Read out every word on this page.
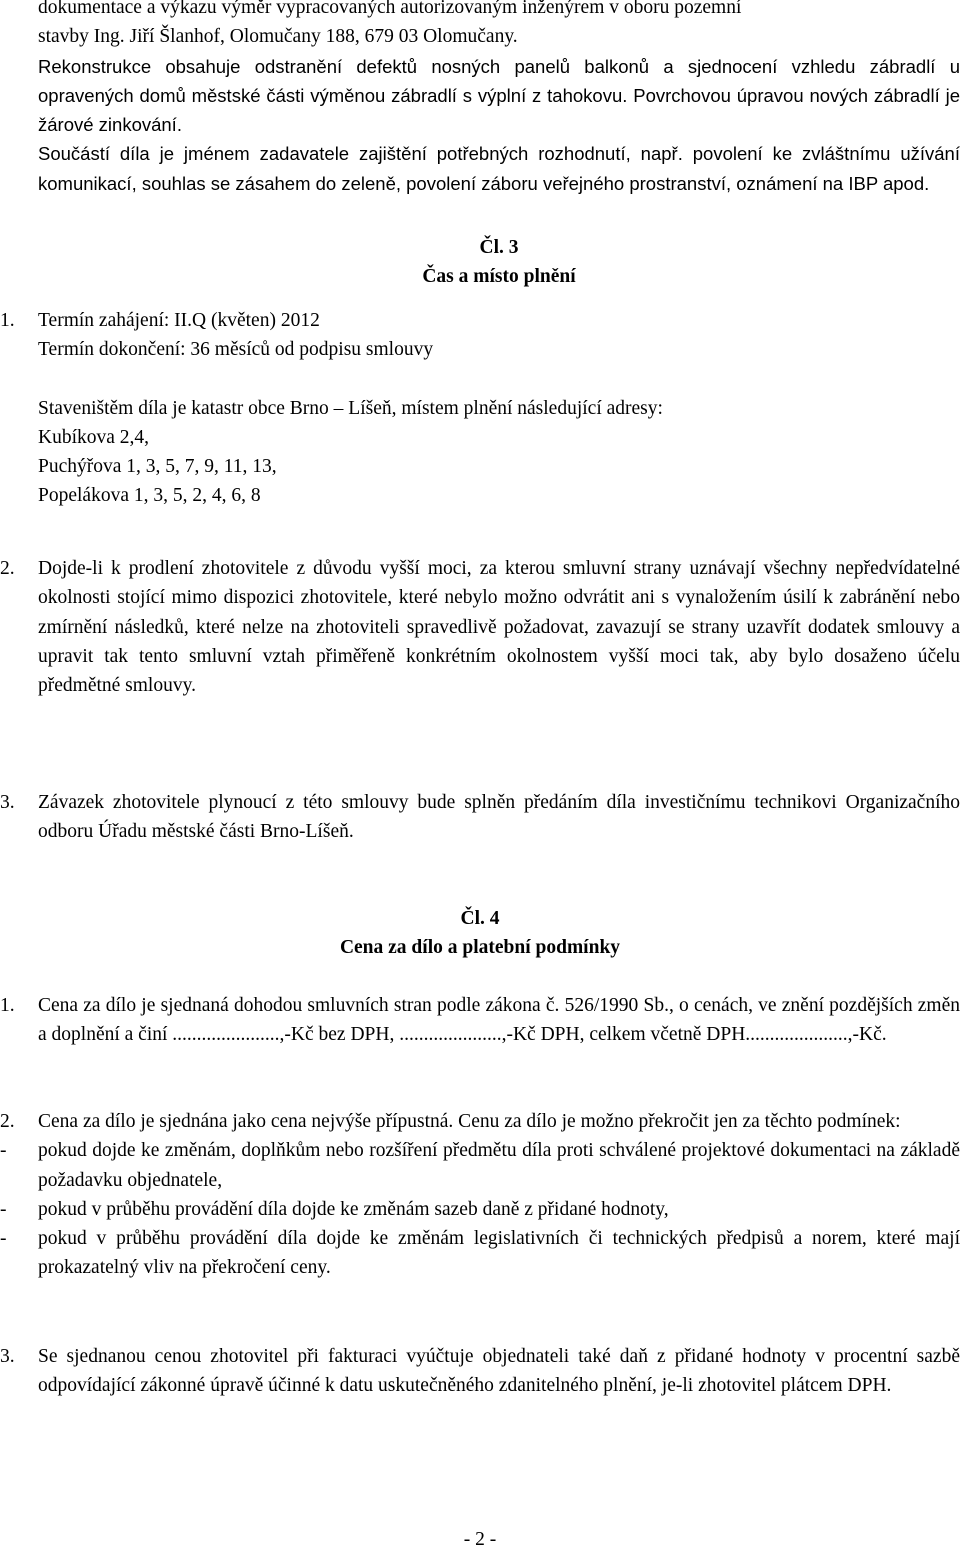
dokumentace a výkazu výměr vypracovaných autorizovaným inženýrem v oboru pozemní
stavby Ing. Jiří Šlanhof, Olomučany 188, 679 03 Olomučany.

Rekonstrukce obsahuje odstranění defektů nosných panelů balkonů a sjednocení vzhledu zábradlí u opravených domů městské části výměnou zábradlí s výplní z tahokovu. Povrchovou úpravou nových zábradlí je žárové zinkování.

Součástí díla je jménem zadavatele zajištění potřebných rozhodnutí, např. povolení ke zvláštnímu užívání komunikací, souhlas se zásahem do zeleně, povolení záboru veřejného prostranství, oznámení na IBP apod.

Čl. 3
Čas a místo plnění
1. Termín zahájení: II.Q (květen) 2012
Termín dokončení: 36 měsíců od podpisu smlouvy
Staveništěm díla je katastr obce Brno – Líšeň, místem plnění následující adresy:
Kubíkova 2,4,
Puchýřova 1, 3, 5, 7, 9, 11, 13,
Popelákova 1, 3, 5, 2, 4, 6, 8
2.	Dojde-li k prodlení zhotovitele z důvodu vyšší moci, za kterou smluvní strany uznávají všechny nepředvídatelné okolnosti stojící mimo dispozici zhotovitele, které nebylo možno odvrátit ani s vynaložením úsilí k zabránění nebo zmírnění následků, které nelze na zhotoviteli spravedlivě požadovat, zavazují se strany uzavřít dodatek smlouvy a upravit tak tento smluvní vztah přiměřeně konkrétním okolnostem vyšší moci tak, aby bylo dosaženo účelu předmětné smlouvy.

3.	Závazek zhotovitele plynoucí z této smlouvy bude splněn předáním díla investičnímu technikovi Organizačního odboru Úřadu městské části Brno-Líšeň.

Čl. 4
Cena za dílo a platební podmínky
1.	Cena za dílo je sjednaná dohodou smluvních stran podle zákona č. 526/1990 Sb., o cenách, ve znění pozdějších změn a doplnění a činí ......................,-Kč bez DPH, .....................,-Kč DPH, celkem včetně DPH.....................,-Kč.

2. Cena za dílo je sjednána jako cena nejvýše přípustná. Cenu za dílo je možno překročit jen za těchto podmínek:

- pokud dojde ke změnám, doplňkům nebo rozšíření předmětu díla proti schválené projektové dokumentaci na základě požadavku objednatele,

- pokud v průběhu provádění díla dojde ke změnám sazeb daně z přidané hodnoty,

- pokud v průběhu provádění díla dojde ke změnám legislativních či technických předpisů a norem, které mají prokazatelný vliv na překročení ceny.

3.	Se sjednanou cenou zhotovitel při fakturaci vyúčtuje objednateli také daň z přidané hodnoty v procentní sazbě odpovídající zákonné úpravě účinné k datu uskutečněného zdanitelného plnění, je-li zhotovitel plátcem DPH.

- 2 -
